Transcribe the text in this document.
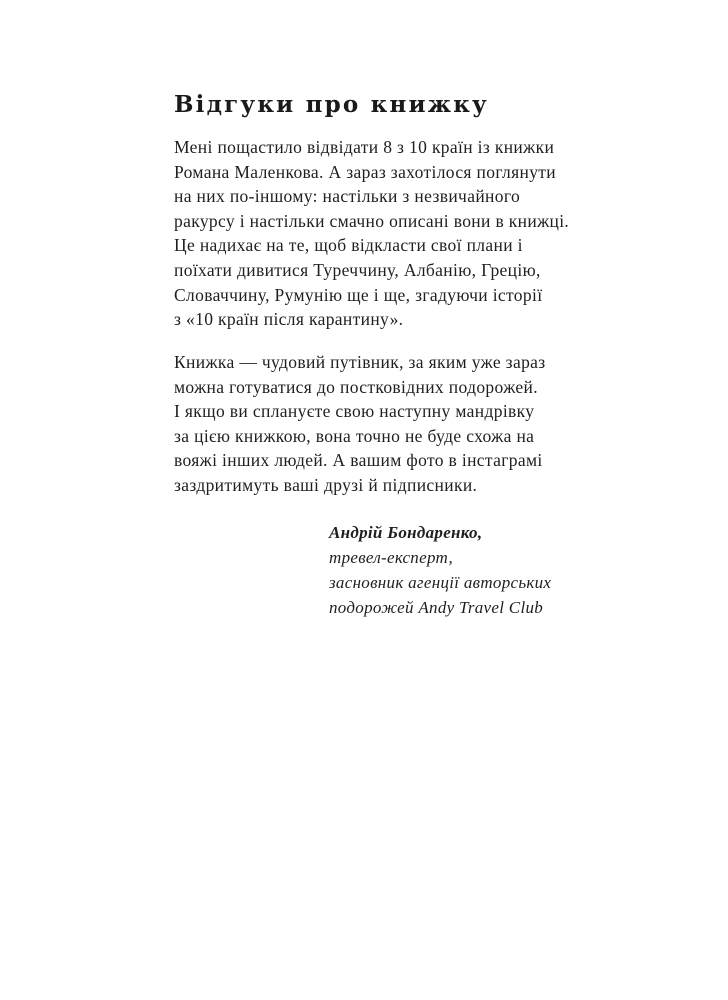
Відгуки про книжку

Мені пощастило відвідати 8 з 10 країн із книжки
Романа Маленкова. А зараз захотілося поглянути
на них по-іншому: настільки з незвичайного
ракурсу і настільки смачно описані вони в книжці.
Це надихає на те, щоб відкласти свої плани і
поїхати дивитися Туреччину, Албанію, Грецію,
Словаччину, Румунію ще і ще, згадуючи історії
з «10 країн після карантину».

Книжка — чудовий путівник, за яким уже зараз
можна готуватися до постковідних подорожей.
І якщо ви сплануєте свою наступну мандрівку
за цією книжкою, вона точно не буде схожа на
вояжі інших людей. А вашим фото в інстаграмі
заздритимуть ваші друзі й підписники.

Андрій Бондаренко,
тревел-експерт,
засновник агенції авторських
подорожей Andy Travel Club
